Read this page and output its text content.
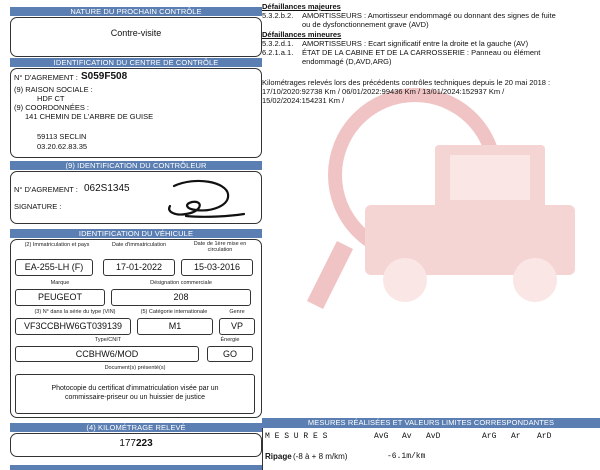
NATURE DU PROCHAIN CONTRÔLE
Contre-visite
IDENTIFICATION DU CENTRE DE CONTRÔLE
N° D'AGREMENT : S059F508
(9) RAISON SOCIALE :
HDF CT
(9) COORDONNÉES :
141 CHEMIN DE L'ARBRE DE GUISE
59113 SECLIN
03.20.62.83.35
(9) IDENTIFICATION DU CONTRÔLEUR
N° D'AGREMENT : 062S1345
SIGNATURE :
IDENTIFICATION DU VÉHICULE
(2) Immatriculation et pays	Date d'immatriculation	Date de 1ère mise en circulation
EA-255-LH (F)	17-01-2022	15-03-2016
Marque	Désignation commerciale
PEUGEOT	208
(3) N° dans la série du type (VIN)	(5) Catégorie internationale	Genre
VF3CCBHW6GT039139	M1	VP
Type/CNIT	Énergie
CCBHW6/MOD	GO
Document(s) présenté(s)
Photocopie du certificat d'immatriculation visée par un
commissaire-priseur ou un huissier de justice
(4) KILOMÉTRAGE RELEVÉ
177223
Défaillances majeures
5.3.2.b.2. AMORTISSEURS : Amortisseur endommagé ou donnant des signes de fuite
ou de dysfonctionnement grave (AVD)
Défaillances mineures
5.3.2.d.1. AMORTISSEURS : Ecart significatif entre la droite et la gauche (AV)
6.2.1.a.1. ÉTAT DE LA CABINE ET DE LA CARROSSERIE : Panneau ou élément
endommagé (D,AVD,ARG)
Kilométrages relevés lors des précédents contrôles techniques depuis le 20 mai 2018 :
17/10/2020:92738 Km / 06/01/2022:99436 Km / 13/01/2024:152937 Km /
15/02/2024:154231 Km /
MESURES RÉALISÉES ET VALEURS LIMITES CORRESPONDANTES
M E S U R E S	AvG Av AvD	ArG Ar ArD
Ripage (-8 à + 8 m/km)	-6.1m/km
